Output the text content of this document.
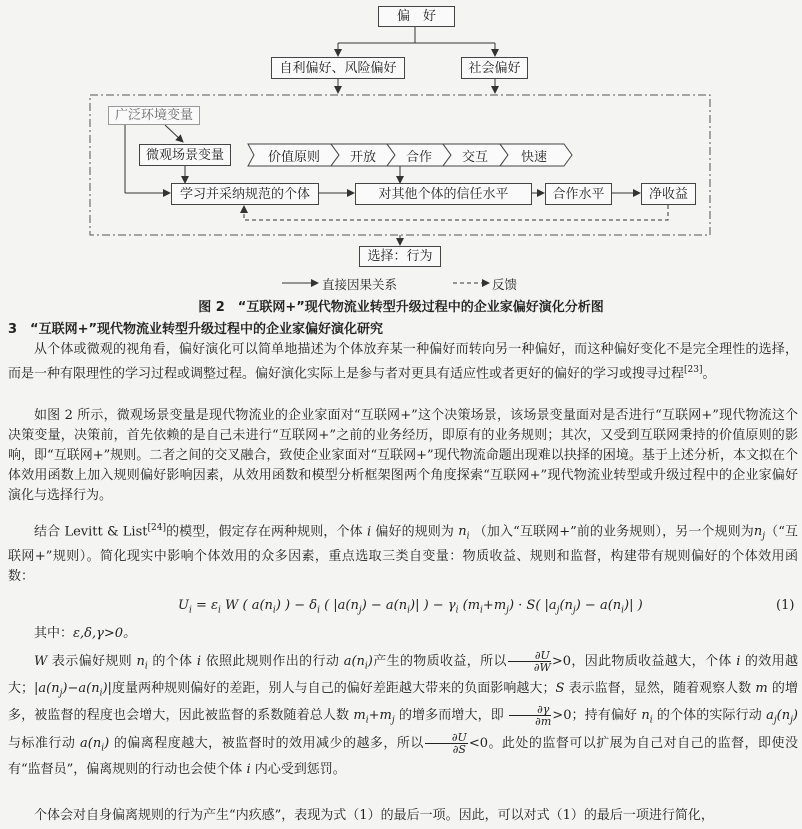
偏　好
自利偏好、风险偏好	社会偏好
广泛环境变量
微观场景变量	价值原则	开放	合作	交互	快速
学习并采纳规范的个体	对其他个体的信任水平	合作水平	净收益
选择：行为
直接因果关系	反馈
图 2　“互联网+”现代物流业转型升级过程中的企业家偏好演化分析图
3　“互联网+”现代物流业转型升级过程中的企业家偏好演化研究
从个体或微观的视角看，偏好演化可以简单地描述为个体放弃某一种偏好而转向另一种偏好，而这种偏好变化不是完全理性的选择，而是一种有限理性的学习过程或调整过程。偏好演化实际上是参与者对更具有适应性或者更好的偏好的学习或搜寻过程[23]。
如图 2 所示，微观场景变量是现代物流业的企业家面对“互联网+”这个决策场景，该场景变量面对是否进行“互联网+”现代物流这个决策变量，决策前，首先依赖的是自己未进行“互联网+”之前的业务经历，即原有的业务规则；其次，又受到互联网秉持的价值原则的影响，即“互联网+”规则。二者之间的交叉融合，致使企业家面对“互联网+”现代物流命题出现难以抉择的困境。基于上述分析，本文拟在个体效用函数上加入规则偏好影响因素，从效用函数和模型分析框架图两个角度探索“互联网+”现代物流业转型或升级过程中的企业家偏好演化与选择行为。
结合 Levitt & List[24]的模型，假定存在两种规则，个体 i 偏好的规则为 $n_i$ （加入“互联网+”前的业务规则），另一个规则为$n_j(“$互联网+”规则）。简化现实中影响个体效用的众多因素，重点选取三类自变量：物质收益、规则和监督，构建带有规则偏好的个体效用函数：
$U_i = \varepsilon_i$ W ( $a(n_i)$ ) − $\delta_i$ ( $|a(n_j) - a(n_i)|$ ) − $\gamma_i$ $(m_i+m_j) \cdot S$( $|a_j(n_j) - a(n_i)|$ )	(1)
其中：ε,δ,γ>0。
W 表示偏好规则 $n_i$ 的个体 i 依照此规则作出的行动 $a(n_i)$产生的物质收益，所以 $\frac{\partial U}{\partial W} >0$，因此物质收益越大，个体 i 的效用越大；$|a(n_j)-a(n_i)|$度量两种规则偏好的差距，别人与自己的偏好差距越大带来的负面影响越大；S 表示监督，显然，随着观察人数 m 的增多，被监督的程度也会增大，因此被监督的系数随着总人数 $m_i+m_j$ 的增多而增大，即 $\frac{\partial\gamma}{\partial m} >0$；持有偏好 $n_i$ 的个体的实际行动 $a_j(n_j)$与标准行动 $a(n_i)$ 的偏离程度越大，被监督时的效用减少的越多，所以 $\frac{\partial U}{\partial S} <0$。此处的监督可以扩展为自己对自己的监督，即使没有“监督员”，偏离规则的行动也会使个体 i 内心受到惩罚。
个体会对自身偏离规则的行为产生“内疚感”，表现为式（1）的最后一项。因此，可以对式（1）的最后一项进行简化，
